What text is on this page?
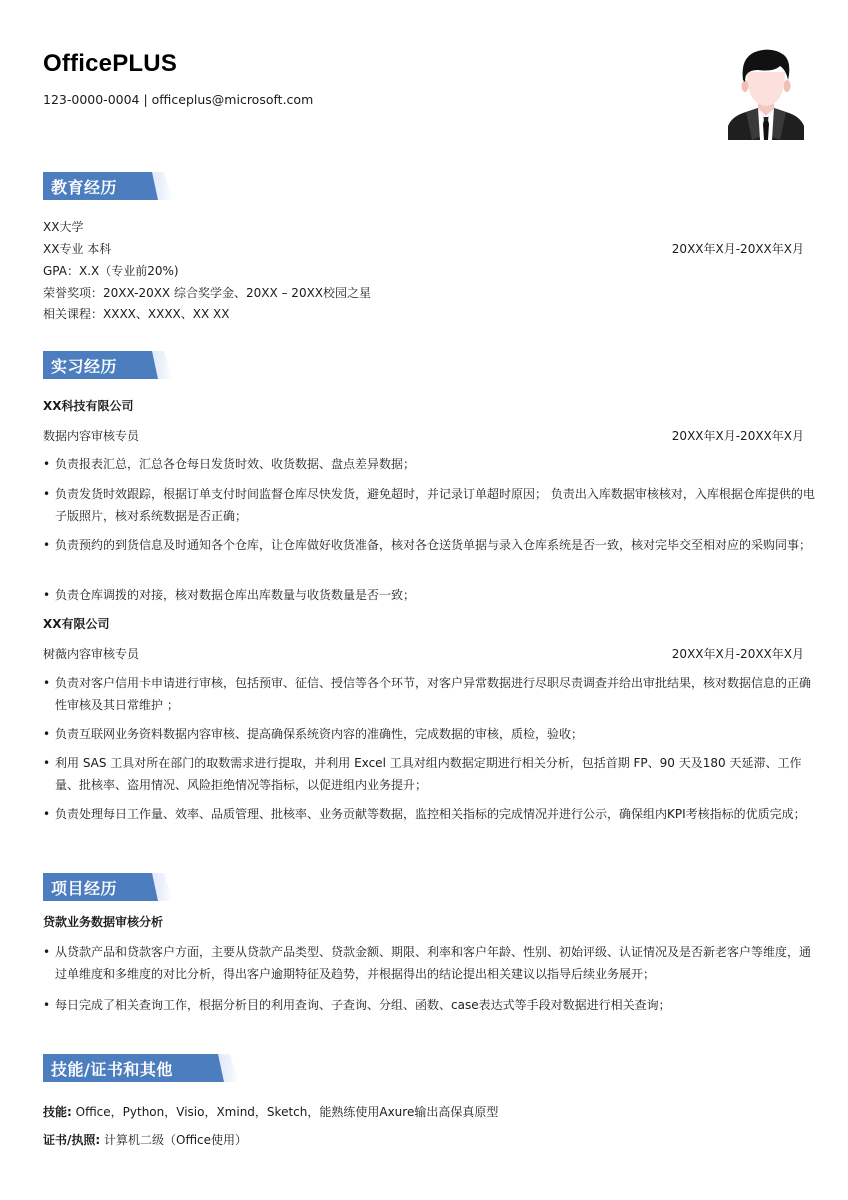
OfficePLUS
123-0000-0004 | officeplus@microsoft.com
教育经历
XX大学
XX专业 本科	20XX年X月-20XX年X月
GPA：X.X（专业前20%)
荣誉奖项：20XX-20XX 综合奖学金、20XX – 20XX校园之星
相关课程：XXXX、XXXX、XX XX
实习经历
XX科技有限公司
数据内容审核专员	20XX年X月-20XX年X月
• 负责报表汇总，汇总各仓每日发货时效、收货数据、盘点差异数据；
• 负责发货时效跟踪，根据订单支付时间监督仓库尽快发货，避免超时，并记录订单超时原因； 负责出入库数据审核核对，入库根据仓库提供的电子版照片，核对系统数据是否正确；
• 负责预约的到货信息及时通知各个仓库，让仓库做好收货准备，核对各仓送货单据与录入仓库系统是否一致，核对完毕交至相对应的采购同事；
• 负责仓库调拨的对接，核对数据仓库出库数量与收货数量是否一致；
XX有限公司
树薇内容审核专员	20XX年X月-20XX年X月
• 负责对客户信用卡申请进行审核，包括预审、征信、授信等各个环节，对客户异常数据进行尽职尽责调查并给出审批结果，核对数据信息的正确性审核及其日常维护 ；
• 负责互联网业务资料数据内容审核、提高确保系统资内容的准确性，完成数据的审核，质检，验收；
• 利用 SAS 工具对所在部门的取数需求进行提取，并利用 Excel 工具对组内数据定期进行相关分析，包括首期 FP、90 天及180 天延滞、工作量、批核率、盗用情况、风险拒绝情况等指标，以促进组内业务提升；
• 负责处理每日工作量、效率、品质管理、批核率、业务贡献等数据，监控相关指标的完成情况并进行公示，确保组内KPI考核指标的优质完成；
项目经历
贷款业务数据审核分析
• 从贷款产品和贷款客户方面，主要从贷款产品类型、贷款金额、期限、利率和客户年龄、性别、初始评级、认证情况及是否新老客户等维度，通过单维度和多维度的对比分析，得出客户逾期特征及趋势，并根据得出的结论提出相关建议以指导后续业务展开；
• 每日完成了相关查询工作，根据分析目的利用查询、子查询、分组、函数、case表达式等手段对数据进行相关查询；
技能/证书和其他
技能: Office，Python，Visio，Xmind，Sketch，能熟练使用Axure输出高保真原型
证书/执照: 计算机二级（Office使用）
